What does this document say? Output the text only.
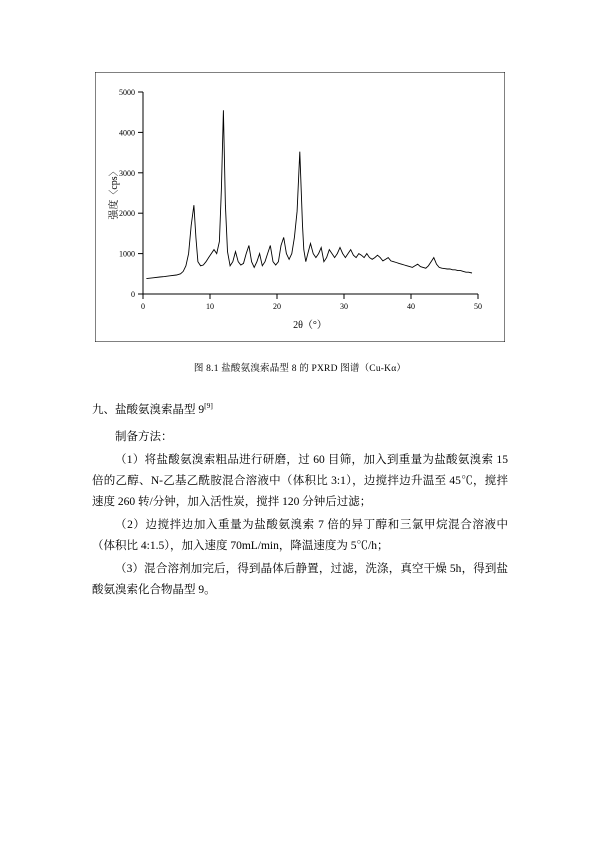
0
1000
2000
3000
4000
5000
0	10	20	30	40	50
强度〈cps〉
2θ（°）
图 8.1 盐酸氨溴索晶型 8 的 PXRD 图谱（Cu-Kα）

九、盐酸氨溴索晶型 9[9]

制备方法：

（1）将盐酸氨溴索粗品进行研磨，过 60 目筛，加入到重量为盐酸氨溴索 15 倍的乙醇、N-乙基乙酰胺混合溶液中（体积比 3:1），边搅拌边升温至 45℃，搅拌速度 260 转/分钟，加入活性炭，搅拌 120 分钟后过滤；

（2）边搅拌边加入重量为盐酸氨溴索 7 倍的异丁醇和三氯甲烷混合溶液中（体积比 4:1.5），加入速度 70mL/min，降温速度为 5℃/h；

（3）混合溶剂加完后，得到晶体后静置，过滤，洗涤，真空干燥 5h，得到盐酸氨溴索化合物晶型 9。
